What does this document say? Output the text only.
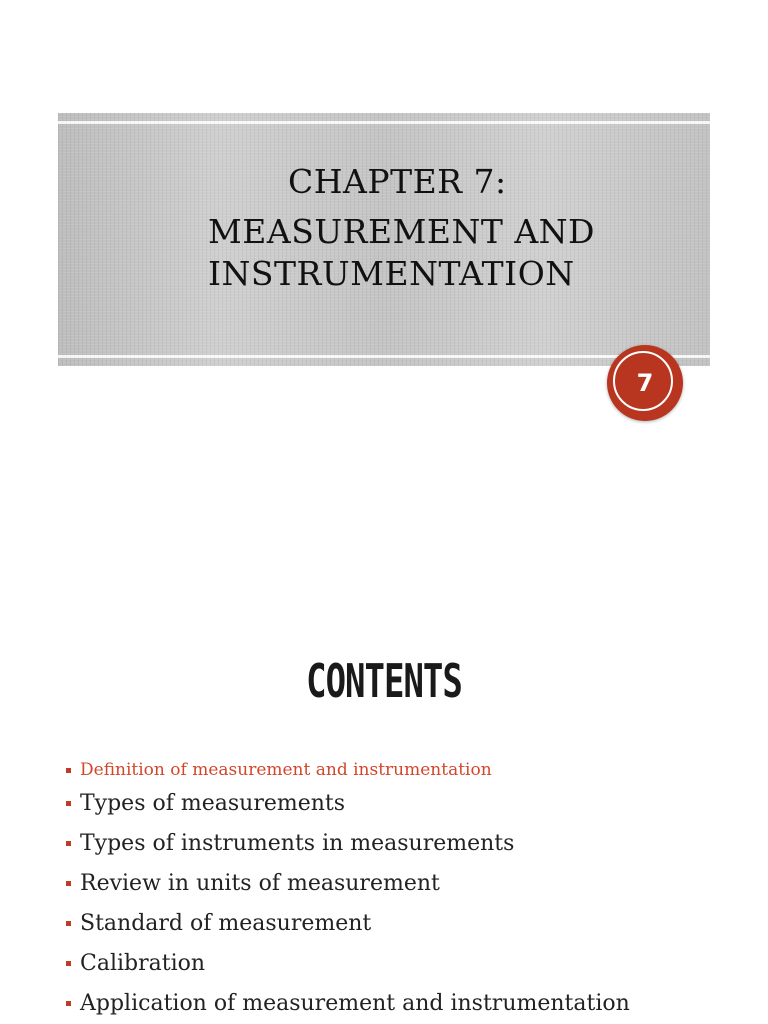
CHAPTER 7:
MEASUREMENT AND
INSTRUMENTATION
7
CONTENTS
Definition of measurement and instrumentation
Types of measurements
Types of instruments in measurements
Review in units of measurement
Standard of measurement
Calibration
Application of measurement and instrumentation
